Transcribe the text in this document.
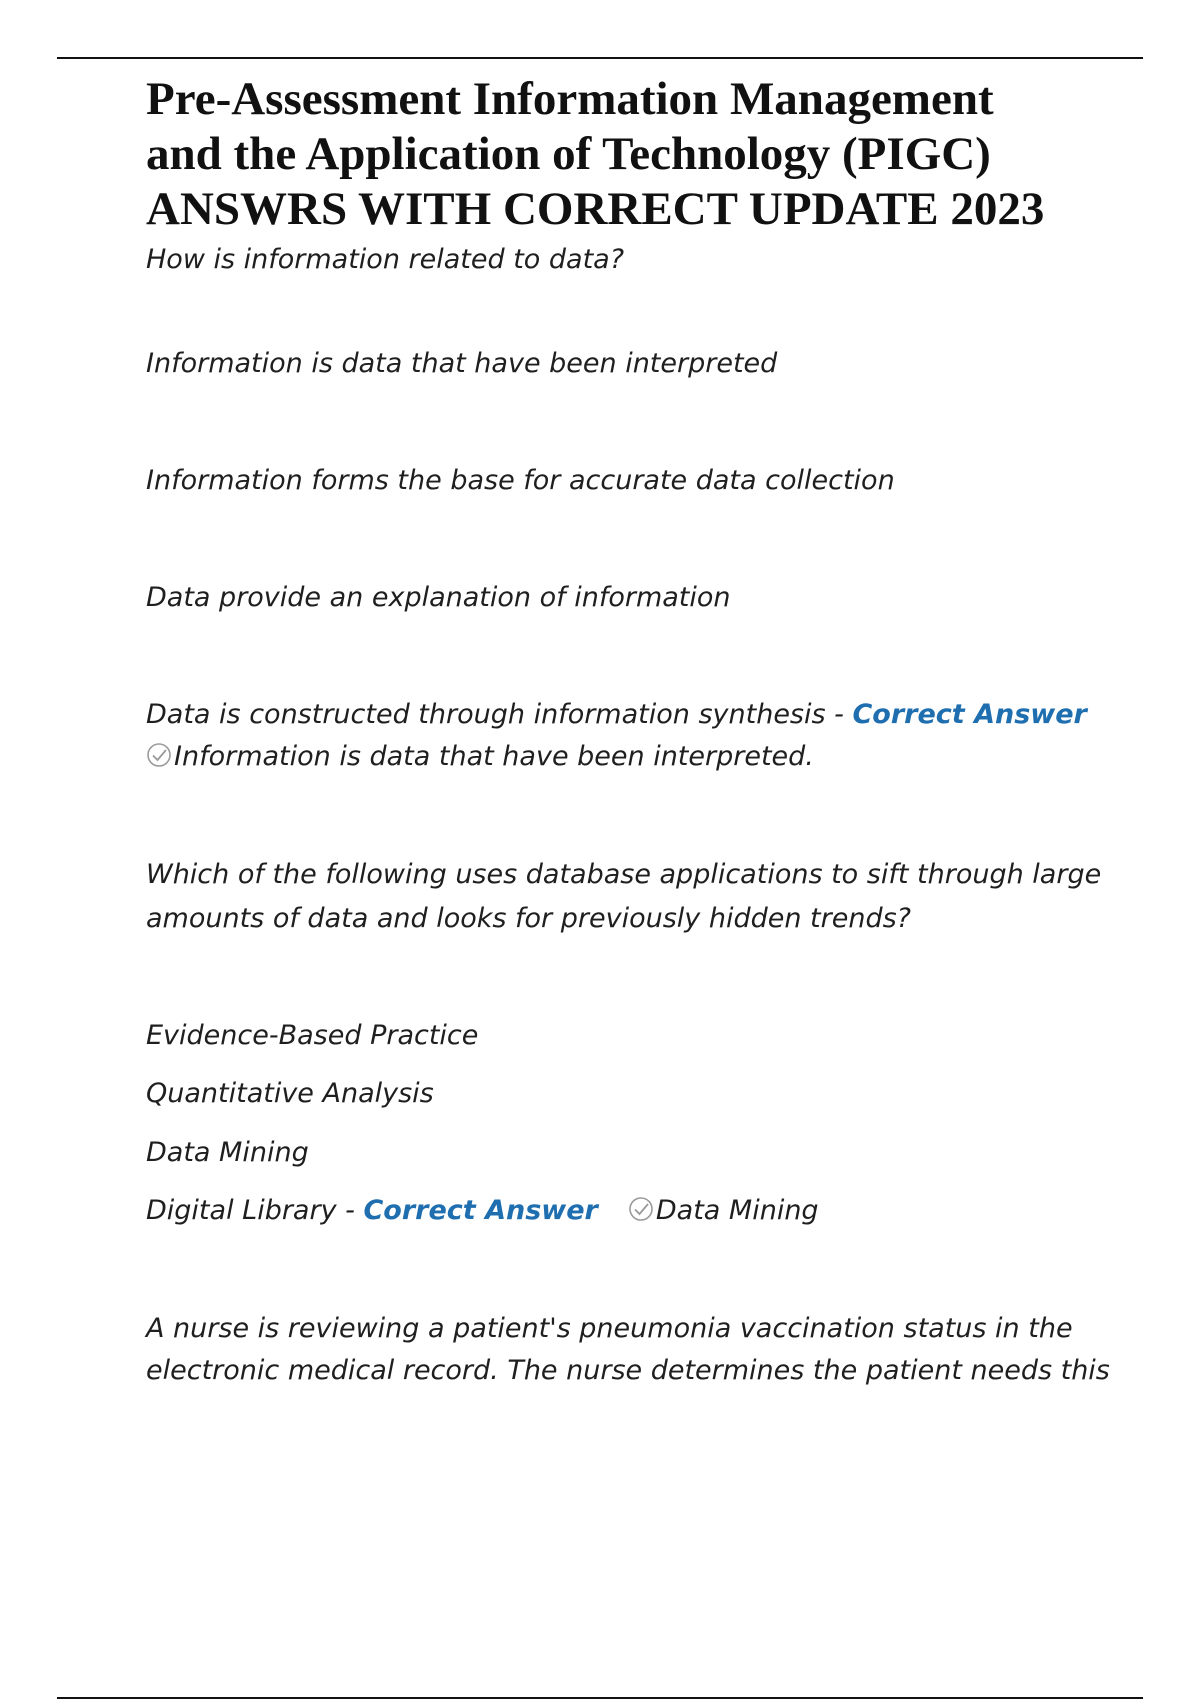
Pre-Assessment Information Management
and the Application of Technology (PIGC)
ANSWRS WITH CORRECT UPDATE 2023
How is information related to data?
Information is data that have been interpreted
Information forms the base for accurate data collection
Data provide an explanation of information
Data is constructed through information synthesis - Correct Answer
Information is data that have been interpreted.
Which of the following uses database applications to sift through large
amounts of data and looks for previously hidden trends?
Evidence-Based Practice
Quantitative Analysis
Data Mining
Digital Library - Correct Answer Data Mining
A nurse is reviewing a patient's pneumonia vaccination status in the
electronic medical record. The nurse determines the patient needs this
